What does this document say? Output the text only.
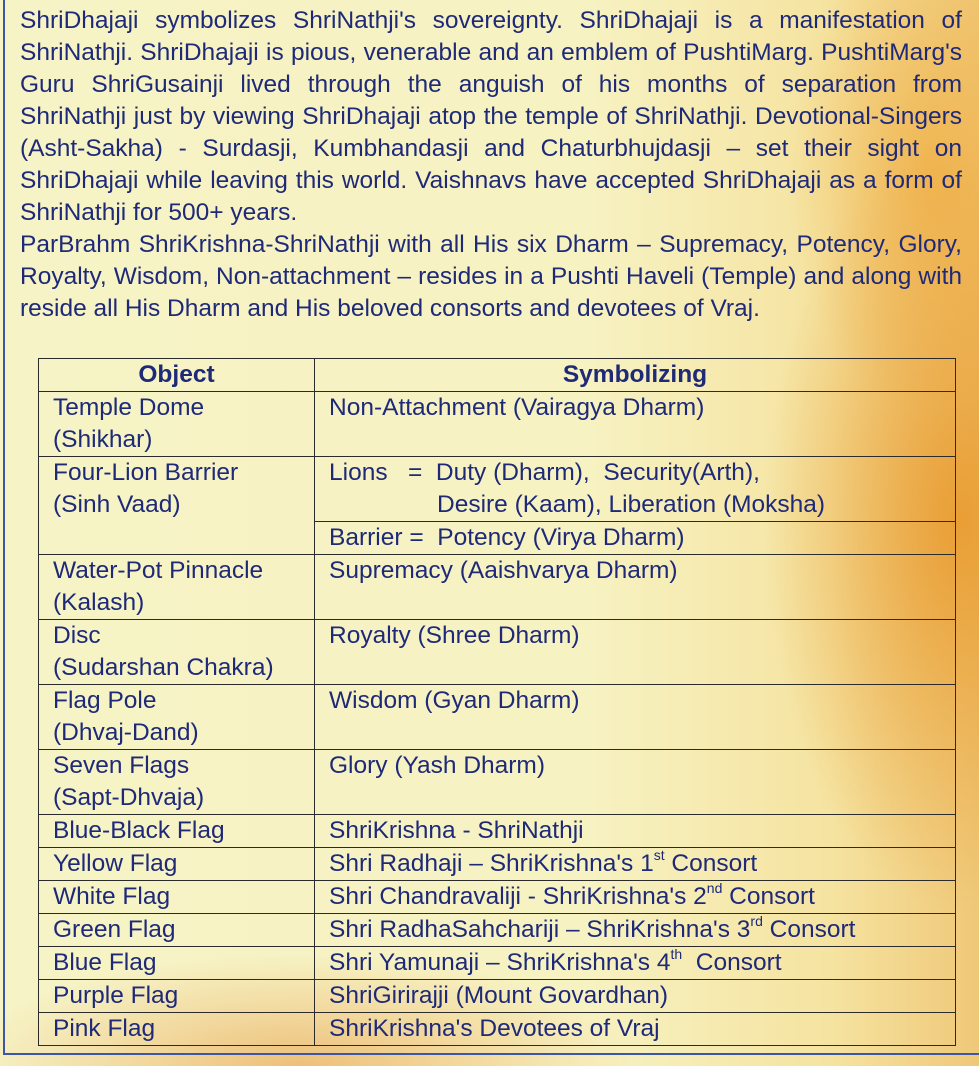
ShriDhajaji symbolizes ShriNathji's sovereignty. ShriDhajaji is a manifestation of ShriNathji. ShriDhajaji is pious, venerable and an emblem of PushtiMarg. PushtiMarg's Guru ShriGusainji lived through the anguish of his months of separation from ShriNathji just by viewing ShriDhajaji atop the temple of ShriNathji. Devotional-Singers (Asht-Sakha) - Surdasji, Kumbhandasji and Chaturbhujdasji – set their sight on ShriDhajaji while leaving this world. Vaishnavs have accepted ShriDhajaji as a form of ShriNathji for 500+ years.

ParBrahm ShriKrishna-ShriNathji with all His six Dharm – Supremacy, Potency, Glory, Royalty, Wisdom, Non-attachment – resides in a Pushti Haveli (Temple) and along with reside all His Dharm and His beloved consorts and devotees of Vraj.

Object	Symbolizing
Temple Dome
(Shikhar)	Non-Attachment (Vairagya Dharm)
Four-Lion Barrier
(Sinh Vaad)	Lions   =  Duty (Dharm),  Security(Arth),
Desire (Kaam), Liberation (Moksha)

	Barrier =  Potency (Virya Dharm)
Water-Pot Pinnacle
(Kalash)	Supremacy (Aaishvarya Dharm)
Disc
(Sudarshan Chakra)	Royalty (Shree Dharm)
Flag Pole
(Dhvaj-Dand)	Wisdom (Gyan Dharm)
Seven Flags
(Sapt-Dhvaja)	Glory (Yash Dharm)
Blue-Black Flag	ShriKrishna - ShriNathji
Yellow Flag	Shri Radhaji – ShriKrishna's 1st Consort
White Flag	Shri Chandravaliji - ShriKrishna's 2nd Consort
Green Flag	Shri RadhaSahchariji – ShriKrishna's 3rd Consort
Blue Flag	Shri Yamunaji – ShriKrishna's 4th  Consort
Purple Flag	ShriGirirajji (Mount Govardhan)
Pink Flag	ShriKrishna's Devotees of Vraj
